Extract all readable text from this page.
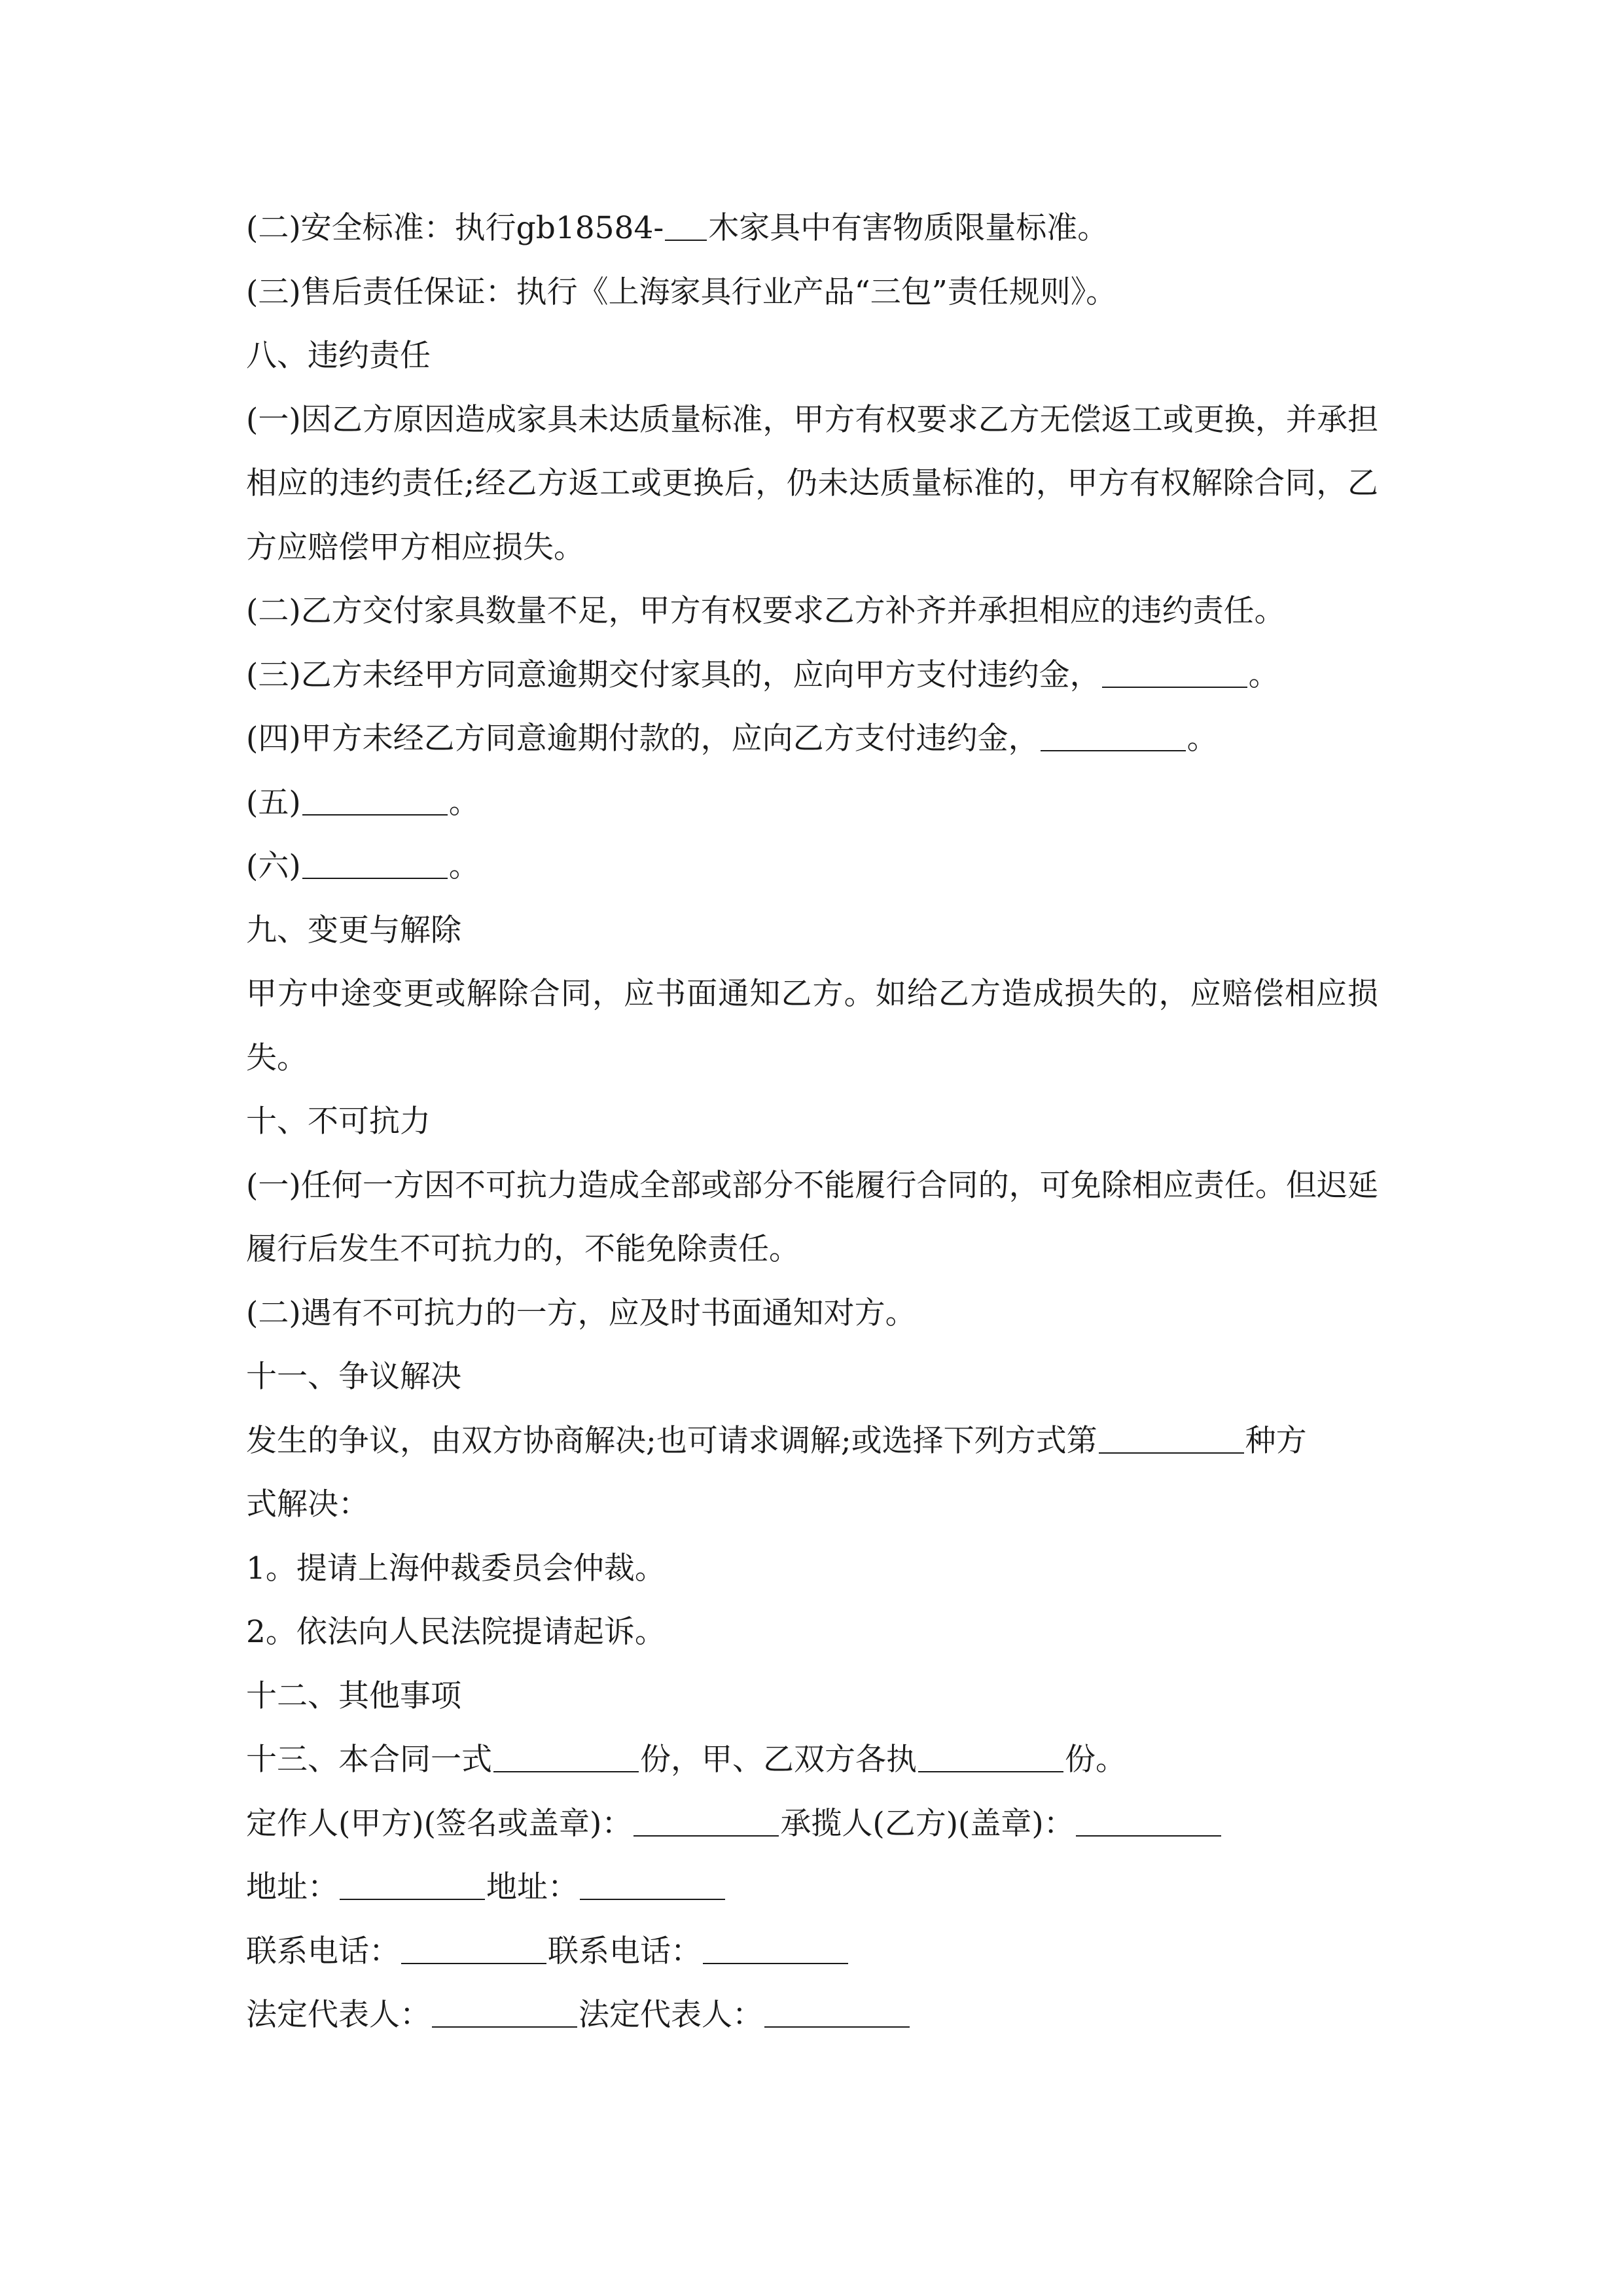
(二)安全标准：执行gb18584- 木家具中有害物质限量标准。
(三)售后责任保证：执行《上海家具行业产品“三包”责任规则》。
八、违约责任
(一)因乙方原因造成家具未达质量标准，甲方有权要求乙方无偿返工或更换，并承担相应的违约责任;经乙方返工或更换后，仍未达质量标准的，甲方有权解除合同，乙方应赔偿甲方相应损失。
(二)乙方交付家具数量不足，甲方有权要求乙方补齐并承担相应的违约责任。
(三)乙方未经甲方同意逾期交付家具的，应向甲方支付违约金，	。
(四)甲方未经乙方同意逾期付款的，应向乙方支付违约金，	。
(五)	。
(六)	。
九、变更与解除
甲方中途变更或解除合同，应书面通知乙方。如给乙方造成损失的，应赔偿相应损失。
十、不可抗力
(一)任何一方因不可抗力造成全部或部分不能履行合同的，可免除相应责任。但迟延履行后发生不可抗力的，不能免除责任。
(二)遇有不可抗力的一方，应及时书面通知对方。
十一、争议解决
发生的争议，由双方协商解决;也可请求调解;或选择下列方式第	种方
式解决：
1。提请上海仲裁委员会仲裁。
2。依法向人民法院提请起诉。
十二、其他事项
十三、本合同一式	份，甲、乙双方各执	份。
定作人(甲方)(签名或盖章)：	承揽人(乙方)(盖章)：
地址：	地址：
联系电话：	联系电话：
法定代表人：	法定代表人：
